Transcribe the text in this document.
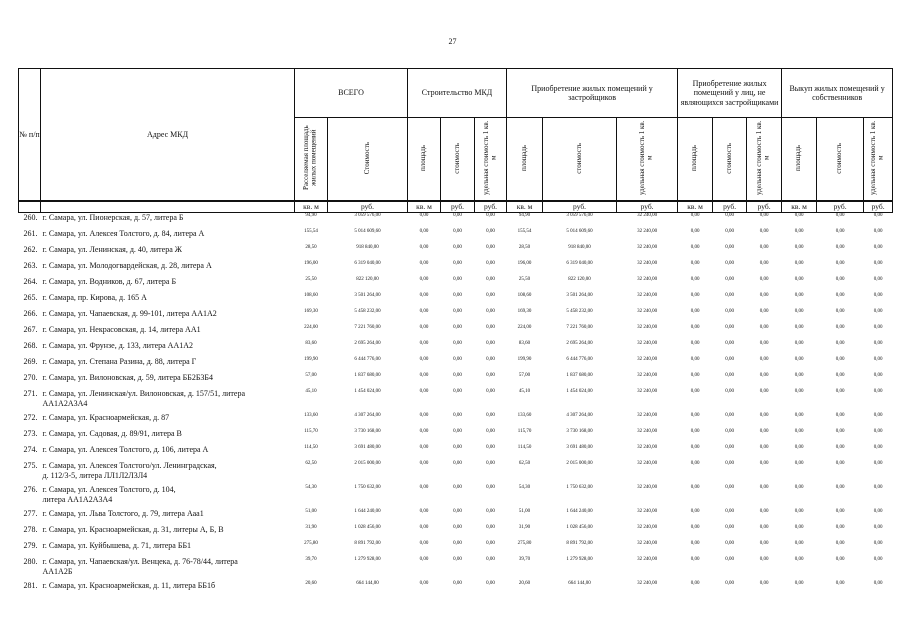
27
№ п/п	Адрес МКД	ВСЕГО		Строительство МКД			Приобретение жилых помещений у застройщиков			Приобретение жилых помещений у лиц, не являющихся застройщиками			Выкуп жилых помещений у собственников		
		Расселяемая площадь жилых помещений	Стоимость	площадь	стоимость	удельная стоимость 1 кв. м	площадь	стоимость	удельная стоимость 1 кв. м	площадь	стоимость	удельная стоимость 1 кв. м	площадь	стоимость	удельная стоимость 1 кв. м
		кв. м	руб.	кв. м	руб.	руб.	кв. м	руб.	руб.	кв. м	руб.	руб.	кв. м	руб.	руб.
260.	г. Самара, ул. Пионерская, д. 57, литера Б	94,90	3 059 576,00	0,00	0,00	0,00	94,90	3 059 576,00	32 240,00	0,00	0,00	0,00	0,00	0,00	0,00
261.	г. Самара, ул. Алексея Толстого, д. 84, литера А	155,54	5 014 609,60	0,00	0,00	0,00	155,54	5 014 609,60	32 240,00	0,00	0,00	0,00	0,00	0,00	0,00
262.	г. Самара, ул. Ленинская, д. 40, литера Ж	28,50	918 840,00	0,00	0,00	0,00	28,50	918 840,00	32 240,00	0,00	0,00	0,00	0,00	0,00	0,00
263.	г. Самара, ул. Молодогвардейская, д. 28, литера А	196,00	6 319 040,00	0,00	0,00	0,00	196,00	6 319 040,00	32 240,00	0,00	0,00	0,00	0,00	0,00	0,00
264.	г. Самара, ул. Водников, д. 67, литера Б	25,50	822 120,00	0,00	0,00	0,00	25,50	822 120,00	32 240,00	0,00	0,00	0,00	0,00	0,00	0,00
265.	г. Самара, пр. Кирова, д. 165 А	108,60	3 501 264,00	0,00	0,00	0,00	108,60	3 501 264,00	32 240,00	0,00	0,00	0,00	0,00	0,00	0,00
266.	г. Самара, ул. Чапаевская, д. 99-101, литера АА1А2	169,30	5 458 232,00	0,00	0,00	0,00	169,30	5 458 232,00	32 240,00	0,00	0,00	0,00	0,00	0,00	0,00
267.	г. Самара, ул. Некрасовская, д. 14, литера АА1	224,00	7 221 760,00	0,00	0,00	0,00	224,00	7 221 760,00	32 240,00	0,00	0,00	0,00	0,00	0,00	0,00
268.	г. Самара, ул. Фрунзе, д. 133, литера АА1А2	83,60	2 695 264,00	0,00	0,00	0,00	83,60	2 695 264,00	32 240,00	0,00	0,00	0,00	0,00	0,00	0,00
269.	г. Самара, ул. Степана Разина, д. 88, литера Г	199,90	6 444 776,00	0,00	0,00	0,00	199,90	6 444 776,00	32 240,00	0,00	0,00	0,00	0,00	0,00	0,00
270.	г. Самара, ул. Вилоновская, д. 59, литера ББ2Б3Б4	57,00	1 837 680,00	0,00	0,00	0,00	57,00	1 837 680,00	32 240,00	0,00	0,00	0,00	0,00	0,00	0,00
271.	г. Самара, ул. Ленинская/ул. Вилоновская, д. 157/51, литера
АА1А2А3А4	45,10	1 454 024,00	0,00	0,00	0,00	45,10	1 454 024,00	32 240,00	0,00	0,00	0,00	0,00	0,00	0,00
272.	г. Самара, ул. Красноармейская, д. 87	133,60	4 307 264,00	0,00	0,00	0,00	133,60	4 307 264,00	32 240,00	0,00	0,00	0,00	0,00	0,00	0,00
273.	г. Самара, ул. Садовая, д. 89/91, литера В	115,70	3 730 168,00	0,00	0,00	0,00	115,70	3 730 168,00	32 240,00	0,00	0,00	0,00	0,00	0,00	0,00
274.	г. Самара, ул. Алексея Толстого, д. 106, литера А	114,50	3 691 480,00	0,00	0,00	0,00	114,50	3 691 480,00	32 240,00	0,00	0,00	0,00	0,00	0,00	0,00
275.	г. Самара, ул. Алексея Толстого/ул. Ленинградская,
д. 112/3-5, литера ЛЛ1Л2Л3Л4	62,50	2 015 000,00	0,00	0,00	0,00	62,50	2 015 000,00	32 240,00	0,00	0,00	0,00	0,00	0,00	0,00
276.	г. Самара, ул. Алексея Толстого, д. 104,
литера АА1А2А3А4	54,30	1 750 632,00	0,00	0,00	0,00	54,30	1 750 632,00	32 240,00	0,00	0,00	0,00	0,00	0,00	0,00
277.	г. Самара, ул. Льва Толстого, д. 79, литера Ааа1	51,00	1 644 240,00	0,00	0,00	0,00	51,00	1 644 240,00	32 240,00	0,00	0,00	0,00	0,00	0,00	0,00
278.	г. Самара, ул. Красноармейская, д. 31, литеры А, Б, В	31,90	1 028 456,00	0,00	0,00	0,00	31,90	1 028 456,00	32 240,00	0,00	0,00	0,00	0,00	0,00	0,00
279.	г. Самара, ул. Куйбышева, д. 71, литера ББ1	275,80	8 891 792,00	0,00	0,00	0,00	275,80	8 891 792,00	32 240,00	0,00	0,00	0,00	0,00	0,00	0,00
280.	г. Самара, ул. Чапаевская/ул. Венцека, д. 76-78/44, литера
АА1А2Б	39,70	1 279 928,00	0,00	0,00	0,00	39,70	1 279 928,00	32 240,00	0,00	0,00	0,00	0,00	0,00	0,00
281.	г. Самара, ул. Красноармейская, д. 11, литера ББ1б	20,60	664 144,00	0,00	0,00	0,00	20,60	664 144,00	32 240,00	0,00	0,00	0,00	0,00	0,00	0,00
